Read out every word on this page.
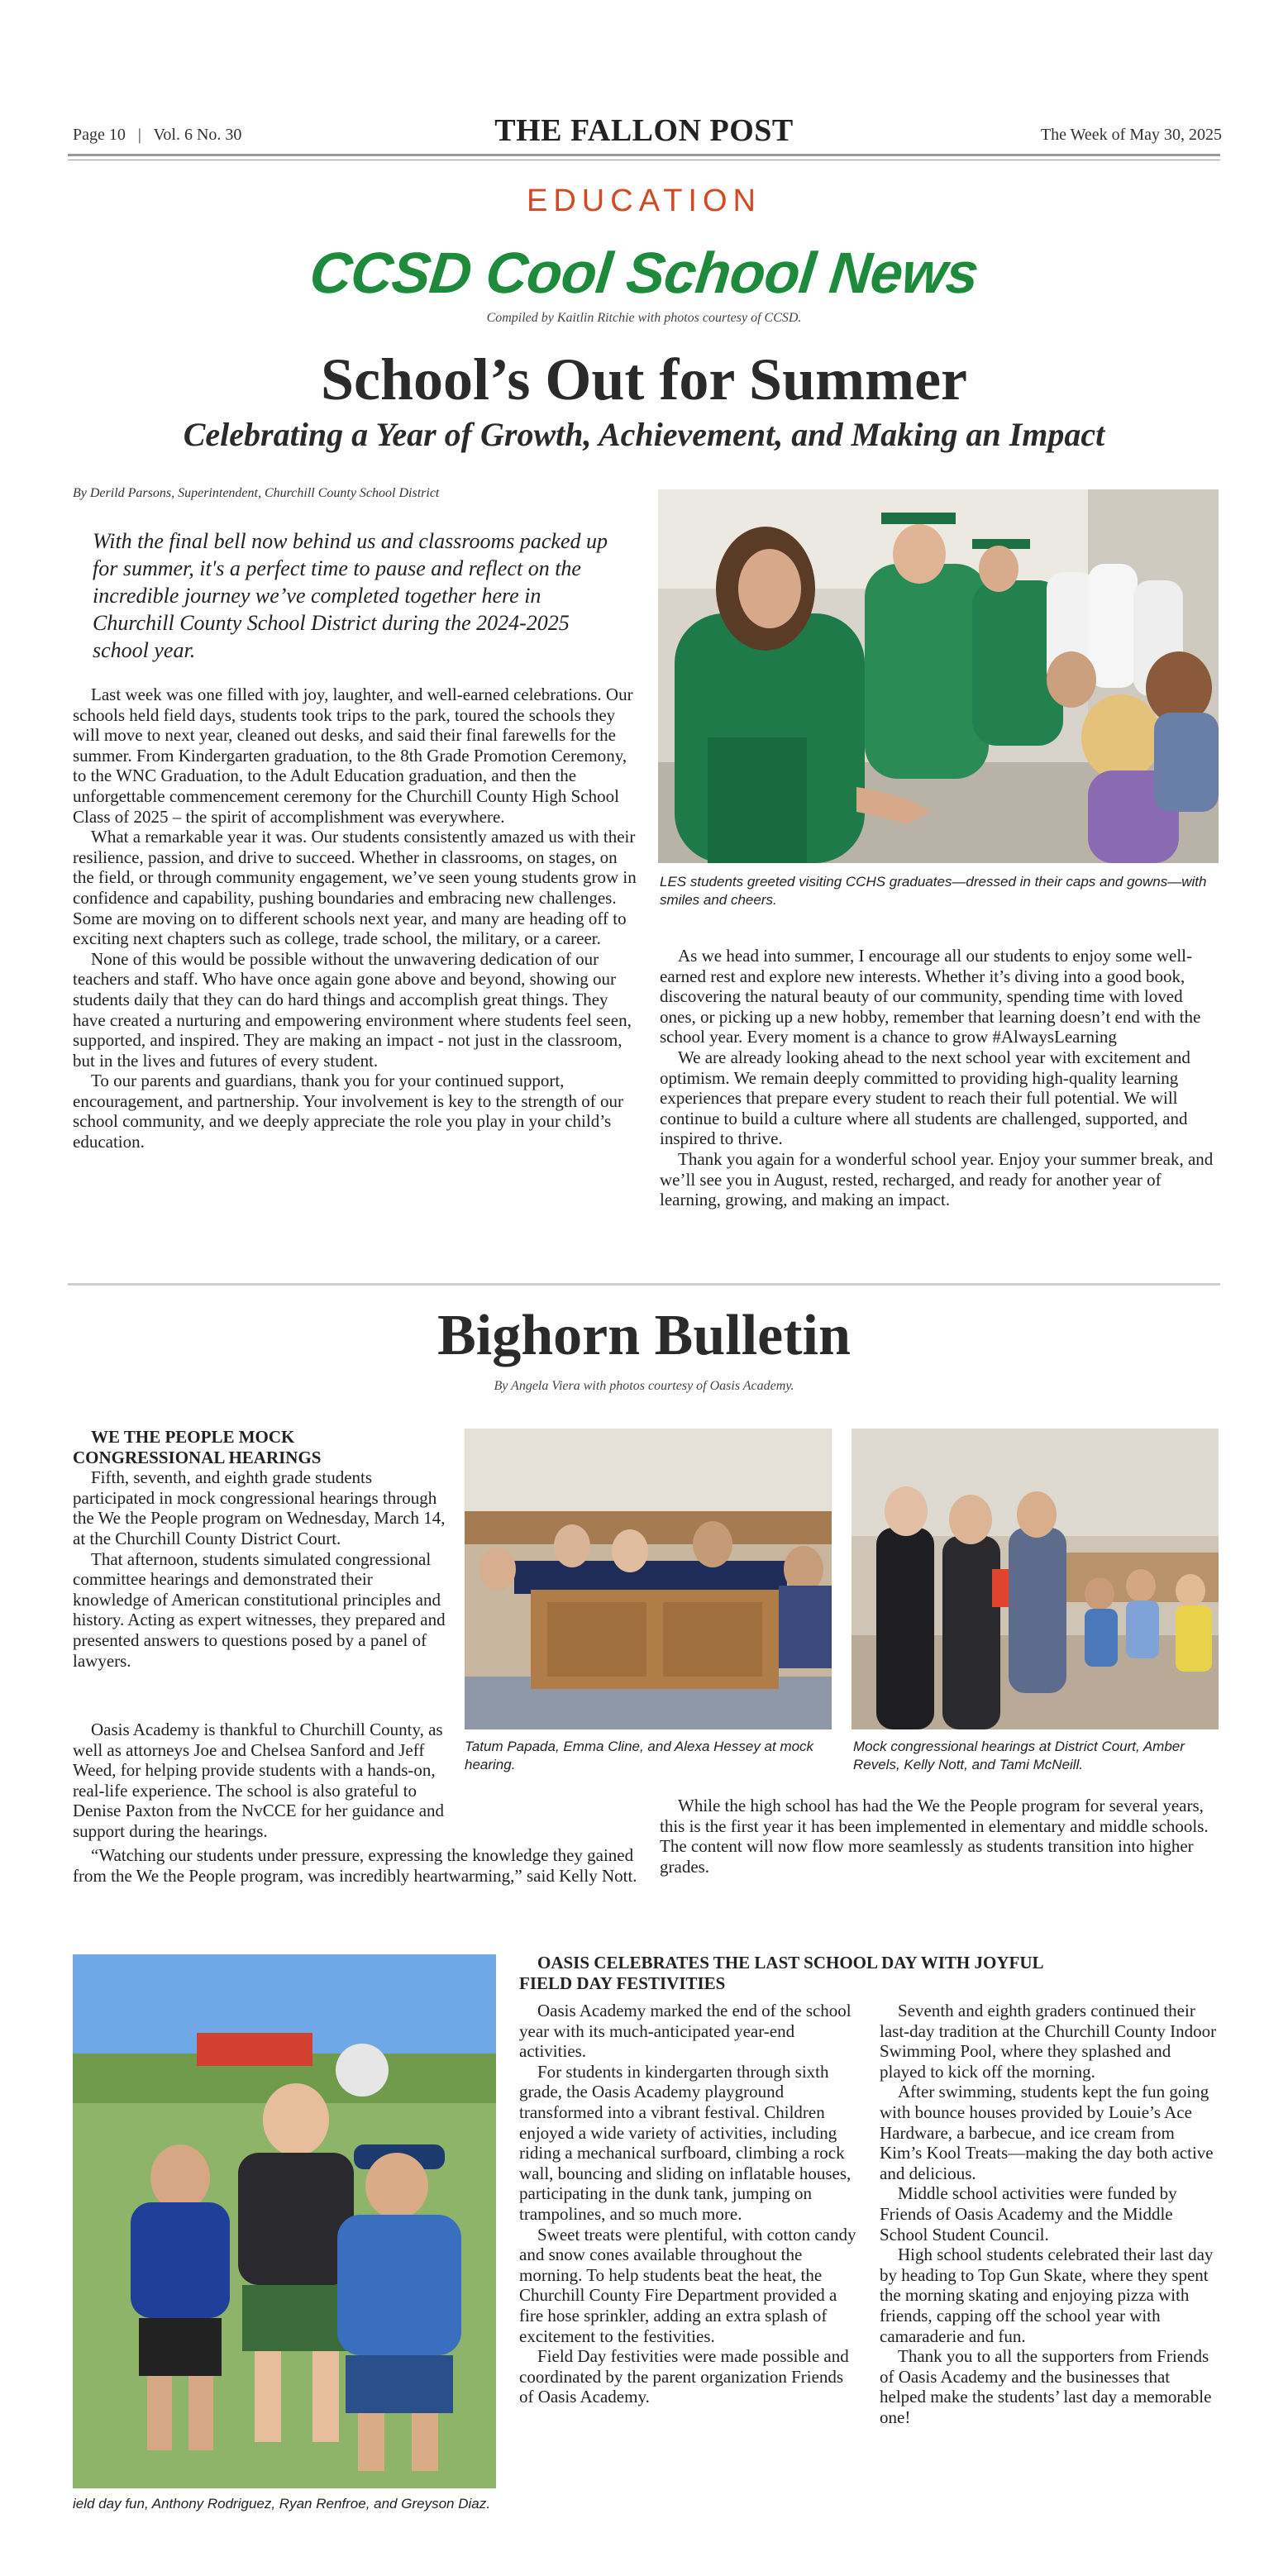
Page 10 | Vol. 6 No. 30	THE FALLON POST	The Week of May 30, 2025
EDUCATION
CCSD Cool School News
Compiled by Kaitlin Ritchie with photos courtesy of CCSD.
School’s Out for Summer
Celebrating a Year of Growth, Achievement, and Making an Impact
By Derild Parsons, Superintendent, Churchill County School District
With the final bell now behind us and classrooms packed up for summer, it's a perfect time to pause and reflect on the incredible journey we’ve completed together here in Churchill County School District during the 2024-2025 school year.

Last week was one filled with joy, laughter, and well-earned celebrations. Our schools held field days, students took trips to the park, toured the schools they will move to next year, cleaned out desks, and said their final farewells for the summer. From Kindergarten graduation, to the 8th Grade Promotion Ceremony, to the WNC Graduation, to the Adult Education graduation, and then the unforgettable commencement ceremony for the Churchill County High School Class of 2025 – the spirit of accomplishment was everywhere.

What a remarkable year it was. Our students consistently amazed us with their resilience, passion, and drive to succeed. Whether in classrooms, on stages, on the field, or through community engagement, we’ve seen young students grow in confidence and capability, pushing boundaries and embracing new challenges. Some are moving on to different schools next year, and many are heading off to exciting next chapters such as college, trade school, the military, or a career.

None of this would be possible without the unwavering dedication of our teachers and staff. Who have once again gone above and beyond, showing our students daily that they can do hard things and accomplish great things. They have created a nurturing and empowering environment where students feel seen, supported, and inspired. They are making an impact - not just in the classroom, but in the lives and futures of every student.

To our parents and guardians, thank you for your continued support, encouragement, and partnership. Your involvement is key to the strength of our school community, and we deeply appreciate the role you play in your child’s education.

LES students greeted visiting CCHS graduates—dressed in their caps and gowns—with smiles and cheers.

As we head into summer, I encourage all our students to enjoy some well-earned rest and explore new interests. Whether it’s diving into a good book, discovering the natural beauty of our community, spending time with loved ones, or picking up a new hobby, remember that learning doesn’t end with the school year. Every moment is a chance to grow #AlwaysLearning

We are already looking ahead to the next school year with excitement and optimism. We remain deeply committed to providing high-quality learning experiences that prepare every student to reach their full potential. We will continue to build a culture where all students are challenged, supported, and inspired to thrive.

Thank you again for a wonderful school year. Enjoy your summer break, and we’ll see you in August, rested, recharged, and ready for another year of learning, growing, and making an impact.

Bighorn Bulletin
By Angela Viera with photos courtesy of Oasis Academy.

WE THE PEOPLE MOCK CONGRESSIONAL HEARINGS

Fifth, seventh, and eighth grade students participated in mock congressional hearings through the We the People program on Wednesday, March 14, at the Churchill County District Court.

That afternoon, students simulated congressional committee hearings and demonstrated their knowledge of American constitutional principles and history. Acting as expert witnesses, they prepared and presented answers to questions posed by a panel of lawyers.

Oasis Academy is thankful to Churchill County, as well as attorneys Joe and Chelsea Sanford and Jeff Weed, for helping provide students with a hands-on, real-life experience. The school is also grateful to Denise Paxton from the NvCCE for her guidance and support during the hearings.

“Watching our students under pressure, expressing the knowledge they gained from the We the People program, was incredibly heartwarming,” said Kelly Nott.

Tatum Papada, Emma Cline, and Alexa Hessey at mock hearing.
Mock congressional hearings at District Court, Amber Revels, Kelly Nott, and Tami McNeill.

While the high school has had the We the People program for several years, this is the first year it has been implemented in elementary and middle schools. The content will now flow more seamlessly as students transition into higher grades.

ield day fun, Anthony Rodriguez, Ryan Renfroe, and Greyson Diaz.

OASIS CELEBRATES THE LAST SCHOOL DAY WITH JOYFUL FIELD DAY FESTIVITIES

Oasis Academy marked the end of the school year with its much-anticipated year-end activities.

For students in kindergarten through sixth grade, the Oasis Academy playground transformed into a vibrant festival. Children enjoyed a wide variety of activities, including riding a mechanical surfboard, climbing a rock wall, bouncing and sliding on inflatable houses, participating in the dunk tank, jumping on trampolines, and so much more.

Sweet treats were plentiful, with cotton candy and snow cones available throughout the morning. To help students beat the heat, the Churchill County Fire Department provided a fire hose sprinkler, adding an extra splash of excitement to the festivities.

Field Day festivities were made possible and coordinated by the parent organization Friends of Oasis Academy.

Seventh and eighth graders continued their last-day tradition at the Churchill County Indoor Swimming Pool, where they splashed and played to kick off the morning.

After swimming, students kept the fun going with bounce houses provided by Louie’s Ace Hardware, a barbecue, and ice cream from Kim’s Kool Treats—making the day both active and delicious.

Middle school activities were funded by Friends of Oasis Academy and the Middle School Student Council.

High school students celebrated their last day by heading to Top Gun Skate, where they spent the morning skating and enjoying pizza with friends, capping off the school year with camaraderie and fun.

Thank you to all the supporters from Friends of Oasis Academy and the businesses that helped make the students’ last day a memorable one!
